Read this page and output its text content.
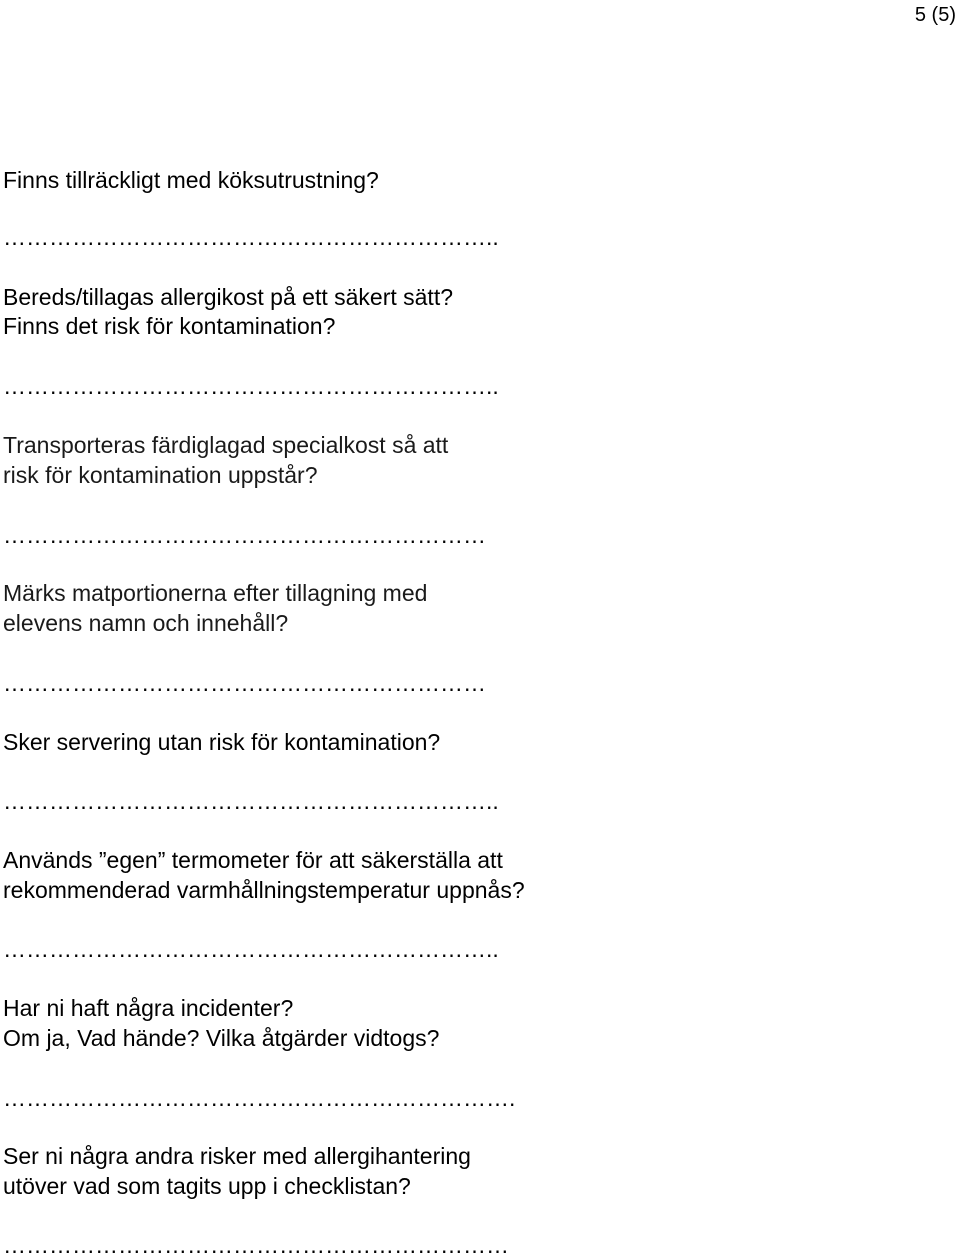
5 (5)
Finns tillräckligt med köksutrustning?
………………………………………………………..
Bereds/tillagas allergikost på ett säkert sätt?
Finns det risk för kontamination?
………………………………………………………..
Transporteras färdiglagad specialkost så att
risk för kontamination uppstår?
………………………………………………………
Märks matportionerna efter tillagning med
elevens namn och innehåll?
………………………………………………………
Sker servering utan risk för kontamination?
………………………………………………………..
Används ”egen” termometer för att säkerställa att
rekommenderad varmhållningstemperatur uppnås?
………………………………………………………..
Har ni haft några incidenter?
Om ja, Vad hände? Vilka åtgärder vidtogs?
………………………………………………………….
Ser ni några andra risker med allergihantering
utöver vad som tagits upp i checklistan?
…………………………………………………………
